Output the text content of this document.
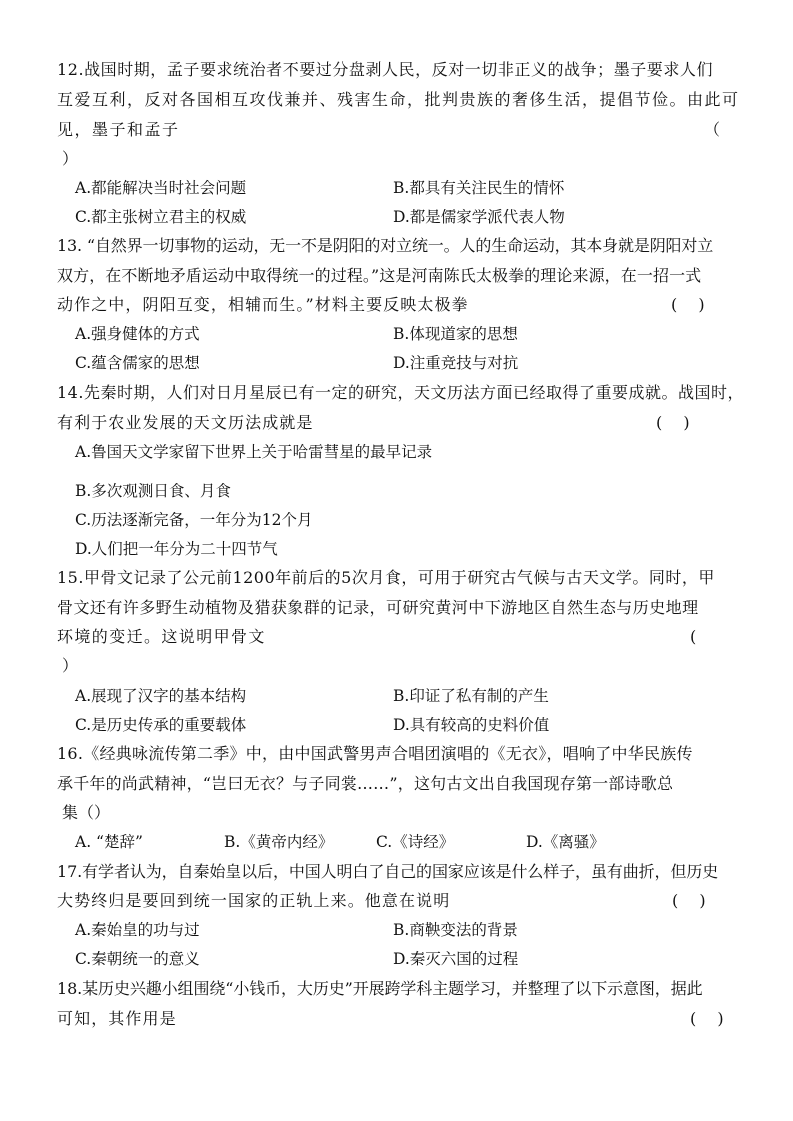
12.战国时期，孟子要求统治者不要过分盘剥人民，反对一切非正义的战争；墨子要求人们
互爱互利，反对各国相互攻伐兼并、残害生命，批判贵族的奢侈生活，提倡节俭。由此可
见，墨子和孟子	（
）
A.都能解决当时社会问题	B.都具有关注民生的情怀
C.都主张树立君主的权威	D.都是儒家学派代表人物
13. “自然界一切事物的运动，无一不是阴阳的对立统一。人的生命运动，其本身就是阴阳对立
双方，在不断地矛盾运动中取得统一的过程。”这是河南陈氏太极拳的理论来源，在一招一式
动作之中，阴阳互变，相辅而生。”材料主要反映太极拳	(　 )
A.强身健体的方式	B.体现道家的思想
C.蕴含儒家的思想	D.注重竞技与对抗
14.先秦时期，人们对日月星辰已有一定的研究，天文历法方面已经取得了重要成就。战国时，
有利于农业发展的天文历法成就是	(　 )
A.鲁国天文学家留下世界上关于哈雷彗星的最早记录
B.多次观测日食、月食
C.历法逐渐完备，一年分为12个月
D.人们把一年分为二十四节气
15.甲骨文记录了公元前1200年前后的5次月食，可用于研究古气候与古天文学。同时，甲
骨文还有许多野生动植物及猎获象群的记录，可研究黄河中下游地区自然生态与历史地理
环境的变迁。这说明甲骨文	(
）
A.展现了汉字的基本结构	B.印证了私有制的产生
C.是历史传承的重要载体	D.具有较高的史料价值
16.《经典咏流传第二季》中，由中国武警男声合唱团演唱的《无衣》，唱响了中华民族传
承千年的尚武精神，“岂曰无衣？与子同裳……”，这句古文出自我国现存第一部诗歌总
集（）
A. “楚辞”	B.《黄帝内经》	C.《诗经》	D.《离骚》
17.有学者认为，自秦始皇以后，中国人明白了自己的国家应该是什么样子，虽有曲折，但历史
大势终归是要回到统一国家的正轨上来。他意在说明	(　 )
A.秦始皇的功与过	B.商鞅变法的背景
C.秦朝统一的意义	D.秦灭六国的过程
18.某历史兴趣小组围绕“小钱币，大历史”开展跨学科主题学习，并整理了以下示意图，据此
可知，其作用是	(　 )
